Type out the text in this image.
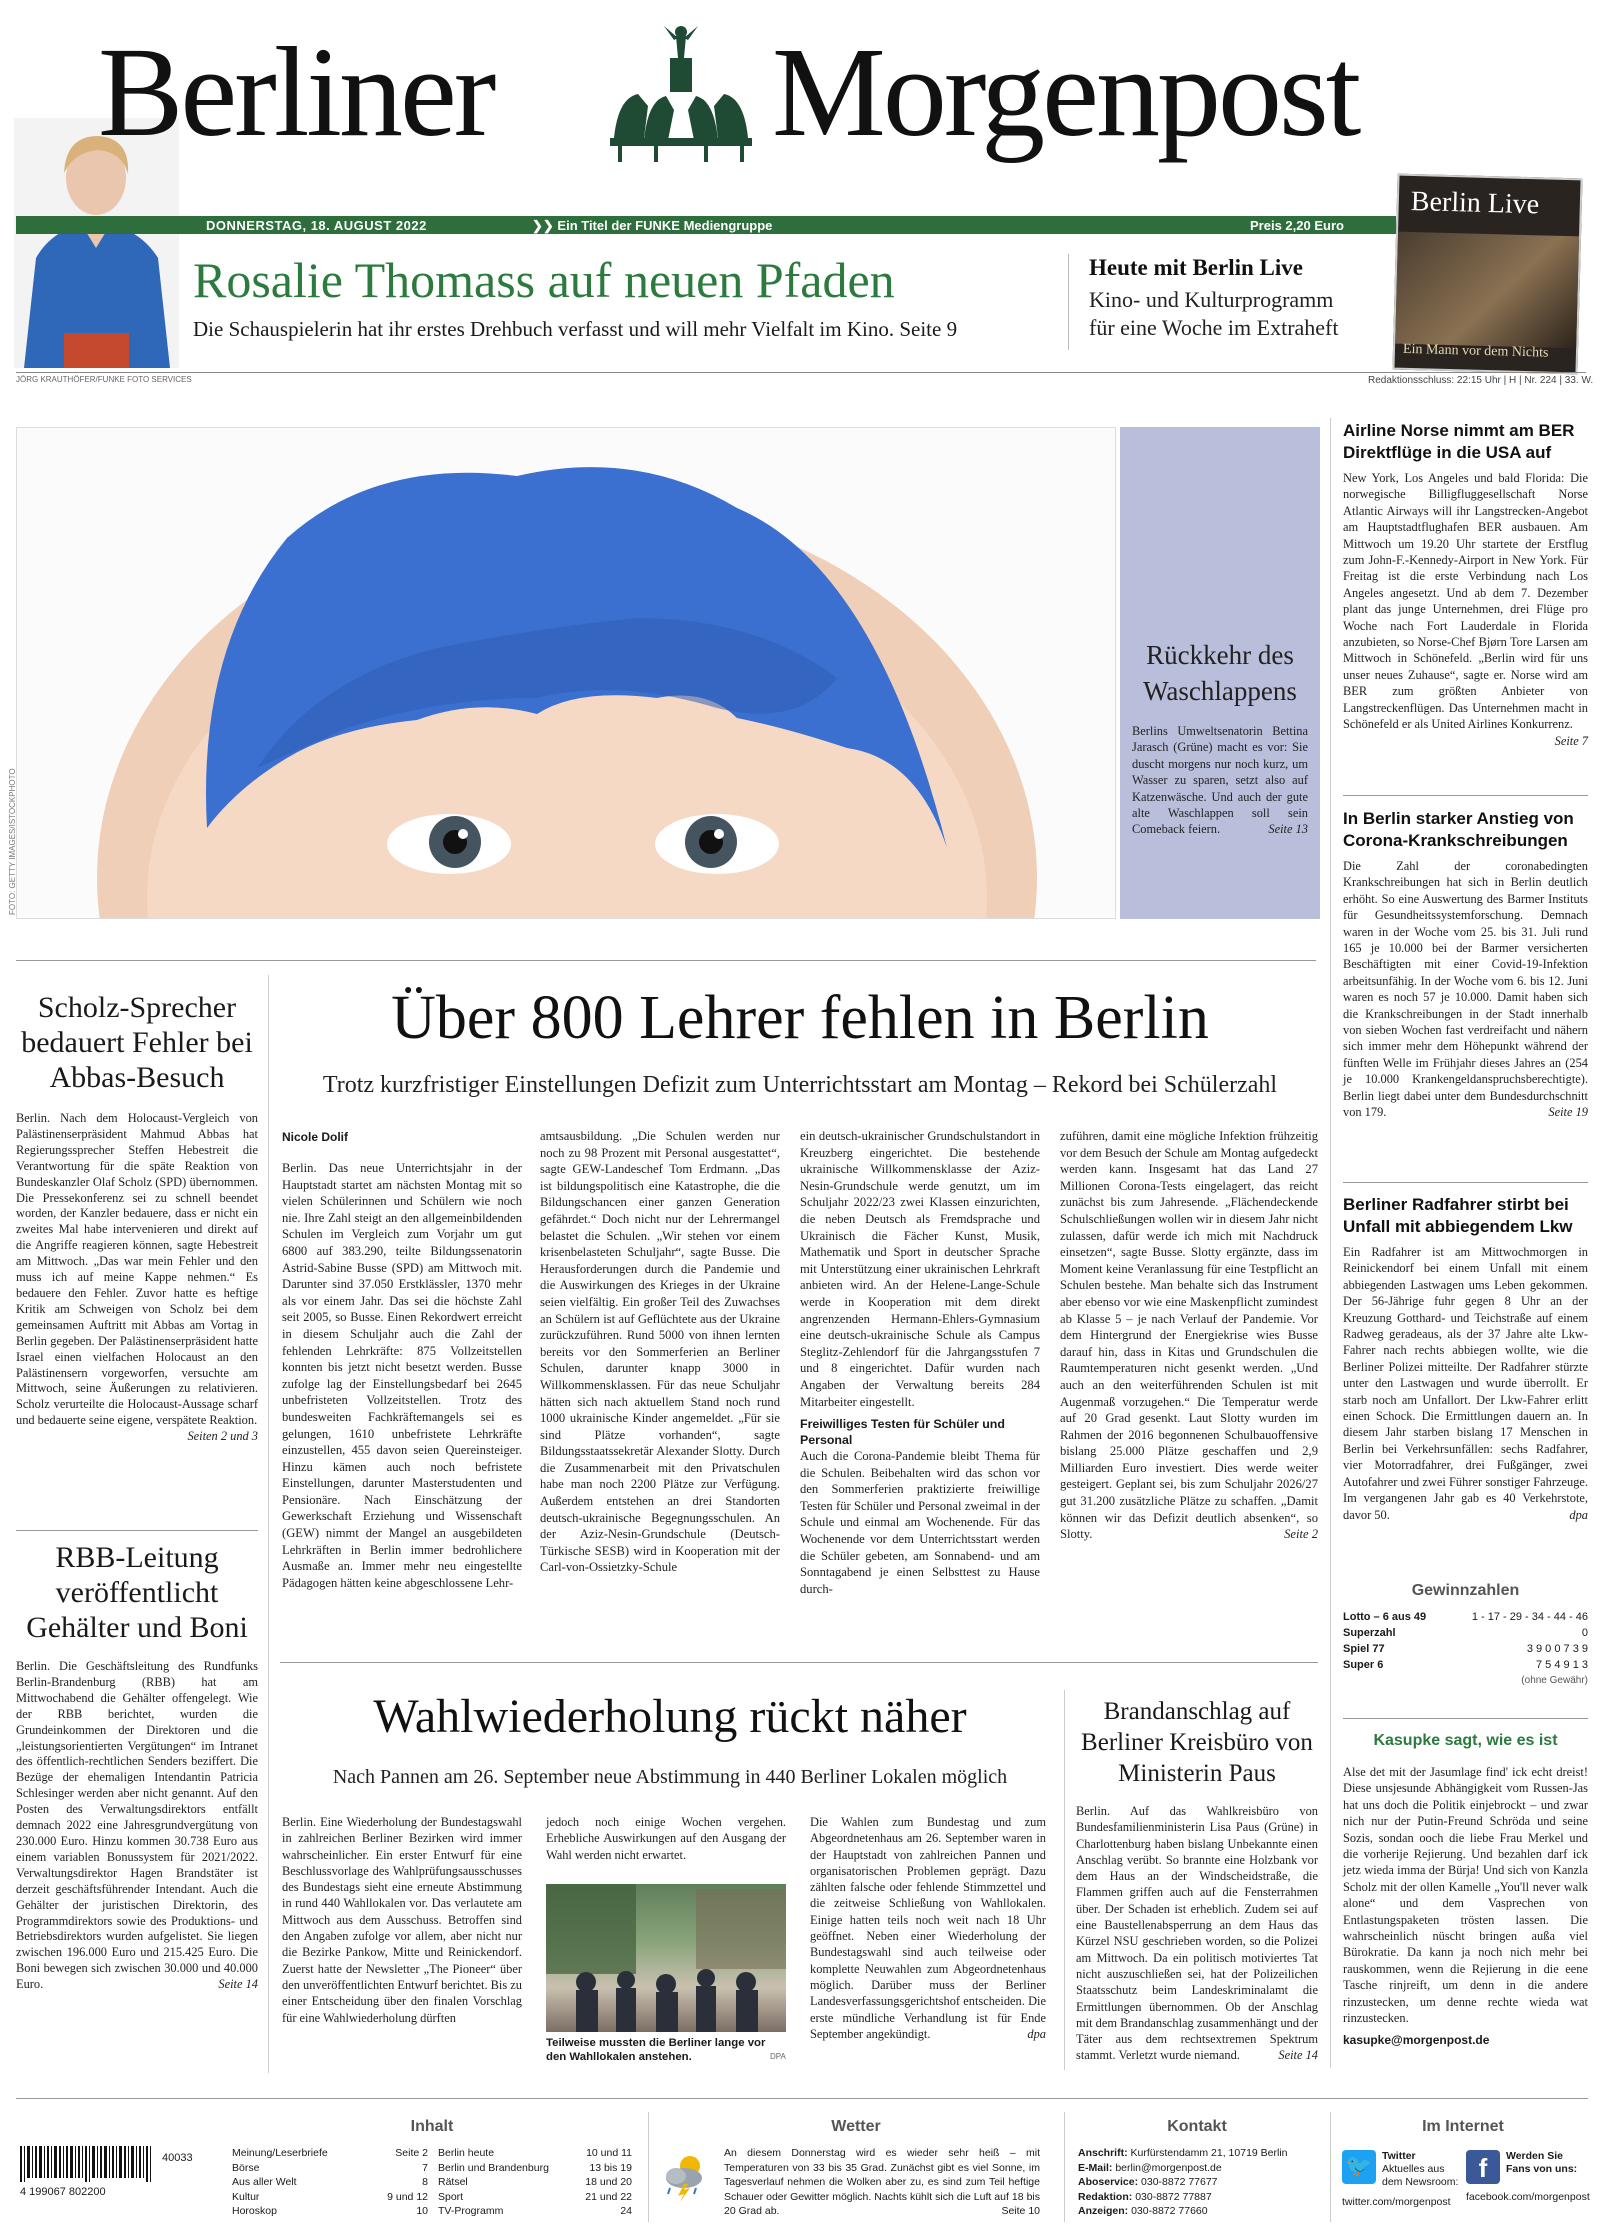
Berliner Morgenpost
DONNERSTAG, 18. AUGUST 2022	❯❯ Ein Titel der FUNKE Mediengruppe	Preis 2,20 Euro
Rosalie Thomass auf neuen Pfaden
Die Schauspielerin hat ihr erstes Drehbuch verfasst und will mehr Vielfalt im Kino. Seite 9
Heute mit Berlin Live
Kino- und Kulturprogramm
für eine Woche im Extraheft
Berlin Live
Ein Mann vor dem Nichts
JÖRG KRAUTHÖFER/FUNKE FOTO SERVICES	Redaktionsschluss: 22:15 Uhr | H | Nr. 224 | 33. W.
FOTO: GETTY IMAGES/ISTOCKPHOTO
Rückkehr des Waschlappens
Berlins Umweltsenatorin Bettina Jarasch (Grüne) macht es vor: Sie duscht morgens nur noch kurz, um Wasser zu sparen, setzt also auf Katzenwäsche. Und auch der gute alte Waschlappen soll sein Comeback feiern.	Seite 13
Airline Norse nimmt am BER Direktflüge in die USA auf
New York, Los Angeles und bald Florida: Die norwegische Billigfluggesellschaft Norse Atlantic Airways will ihr Langstrecken-Angebot am Hauptstadtflughafen BER ausbauen. Am Mittwoch um 19.20 Uhr startete der Erstflug zum John-F.-Kennedy-Airport in New York. Für Freitag ist die erste Verbindung nach Los Angeles angesetzt. Und ab dem 7. Dezember plant das junge Unternehmen, drei Flüge pro Woche nach Fort Lauderdale in Florida anzubieten, so Norse-Chef Bjørn Tore Larsen am Mittwoch in Schönefeld. „Berlin wird für uns unser neues Zuhause“, sagte er. Norse wird am BER zum größten Anbieter von Langstreckenflügen. Das Unternehmen macht in Schönefeld er als United Airlines Konkurrenz.
Seite 7
In Berlin starker Anstieg von Corona-Krankschreibungen
Die Zahl der coronabedingten Krankschreibungen hat sich in Berlin deutlich erhöht. So eine Auswertung des Barmer Instituts für Gesundheitssystemforschung. Demnach waren in der Woche vom 25. bis 31. Juli rund 165 je 10.000 bei der Barmer versicherten Beschäftigten mit einer Covid-19-Infektion arbeitsunfähig. In der Woche vom 6. bis 12. Juni waren es noch 57 je 10.000. Damit haben sich die Krankschreibungen in der Stadt innerhalb von sieben Wochen fast verdreifacht und nähern sich immer mehr dem Höhepunkt während der fünften Welle im Frühjahr dieses Jahres an (254 je 10.000 Krankengeldanspruchsberechtigte). Berlin liegt dabei unter dem Bundesdurchschnitt von 179.	Seite 19
Berliner Radfahrer stirbt bei Unfall mit abbiegendem Lkw
Ein Radfahrer ist am Mittwochmorgen in Reinickendorf bei einem Unfall mit einem abbiegenden Lastwagen ums Leben gekommen. Der 56-Jährige fuhr gegen 8 Uhr an der Kreuzung Gotthard- und Teichstraße auf einem Radweg geradeaus, als der 37 Jahre alte Lkw-Fahrer nach rechts abbiegen wollte, wie die Berliner Polizei mitteilte. Der Radfahrer stürzte unter den Lastwagen und wurde überrollt. Er starb noch am Unfallort. Der Lkw-Fahrer erlitt einen Schock. Die Ermittlungen dauern an. In diesem Jahr starben bislang 17 Menschen in Berlin bei Verkehrsunfällen: sechs Radfahrer, vier Motorradfahrer, drei Fußgänger, zwei Autofahrer und zwei Führer sonstiger Fahrzeuge. Im vergangenen Jahr gab es 40 Verkehrstote, davor 50.	dpa
Gewinnzahlen
Lotto – 6 aus 49	1 - 17 - 29 - 34 - 44 - 46
Superzahl	0
Spiel 77	3 9 0 0 7 3 9
Super 6	7 5 4 9 1 3
(ohne Gewähr)
Kasupke sagt, wie es ist
Alse det mit der Jasumlage find' ick echt dreist! Diese unsjesunde Abhängigkeit vom Russen-Jas hat uns doch die Politik einjebrockt – und zwar nich nur der Putin-Freund Schröda und seine Sozis, sondan ooch die liebe Frau Merkel und die vorherije Rejierung. Und bezahlen darf ick jetz wieda imma der Bürja! Und sich von Kanzla Scholz mit der ollen Kamelle „You'll never walk alone“ und dem Vasprechen von Entlastungspaketen trösten lassen. Die wahrscheinlich nüscht bringen außa viel Bürokratie. Da kann ja noch nich mehr bei rauskommen, wenn die Rejierung in die eene Tasche rinjreift, um denn in die andere rinzustecken, um denne rechte wieda wat rinzustecken.
kasupke@morgenpost.de
Scholz-Sprecher bedauert Fehler bei Abbas-Besuch
Berlin. Nach dem Holocaust-Vergleich von Palästinenserpräsident Mahmud Abbas hat Regierungssprecher Steffen Hebestreit die Verantwortung für die späte Reaktion von Bundeskanzler Olaf Scholz (SPD) übernommen. Die Pressekonferenz sei zu schnell beendet worden, der Kanzler bedauere, dass er nicht ein zweites Mal habe intervenieren und direkt auf die Angriffe reagieren können, sagte Hebestreit am Mittwoch. „Das war mein Fehler und den muss ich auf meine Kappe nehmen.“ Es bedauere den Fehler. Zuvor hatte es heftige Kritik am Schweigen von Scholz bei dem gemeinsamen Auftritt mit Abbas am Vortag in Berlin gegeben. Der Palästinenserpräsident hatte Israel einen vielfachen Holocaust an den Palästinensern vorgeworfen, versuchte am Mittwoch, seine Äußerungen zu relativieren. Scholz verurteilte die Holocaust-Aussage scharf und bedauerte seine eigene, verspätete Reaktion.
Seiten 2 und 3
RBB-Leitung veröffentlicht Gehälter und Boni
Berlin. Die Geschäftsleitung des Rundfunks Berlin-Brandenburg (RBB) hat am Mittwochabend die Gehälter offengelegt. Wie der RBB berichtet, wurden die Grundeinkommen der Direktoren und die „leistungsorientierten Vergütungen“ im Intranet des öffentlich-rechtlichen Senders beziffert. Die Bezüge der ehemaligen Intendantin Patricia Schlesinger werden aber nicht genannt. Auf den Posten des Verwaltungsdirektors entfällt demnach 2022 eine Jahresgrundvergütung von 230.000 Euro. Hinzu kommen 30.738 Euro aus einem variablen Bonussystem für 2021/2022. Verwaltungsdirektor Hagen Brandstäter ist derzeit geschäftsführender Intendant. Auch die Gehälter der juristischen Direktorin, des Programmdirektors sowie des Produktions- und Betriebsdirektors wurden aufgelistet. Sie liegen zwischen 196.000 Euro und 215.425 Euro. Die Boni bewegen sich zwischen 30.000 und 40.000 Euro.	Seite 14
Über 800 Lehrer fehlen in Berlin
Trotz kurzfristiger Einstellungen Defizit zum Unterrichtsstart am Montag – Rekord bei Schülerzahl
Nicole Dolif
Berlin. Das neue Unterrichtsjahr in der Hauptstadt startet am nächsten Montag mit so vielen Schülerinnen und Schülern wie noch nie. Ihre Zahl steigt an den allgemeinbildenden Schulen im Vergleich zum Vorjahr um gut 6800 auf 383.290, teilte Bildungssenatorin Astrid-Sabine Busse (SPD) am Mittwoch mit. Darunter sind 37.050 Erstklässler, 1370 mehr als vor einem Jahr. Das sei die höchste Zahl seit 2005, so Busse. Einen Rekordwert erreicht in diesem Schuljahr auch die Zahl der fehlenden Lehrkräfte: 875 Vollzeitstellen konnten bis jetzt nicht besetzt werden. Busse zufolge lag der Einstellungsbedarf bei 2645 unbefristeten Vollzeitstellen. Trotz des bundesweiten Fachkräftemangels sei es gelungen, 1610 unbefristete Lehrkräfte einzustellen, 455 davon seien Quereinsteiger. Hinzu kämen auch noch befristete Einstellungen, darunter Masterstudenten und Pensionäre. Nach Einschätzung der Gewerkschaft Erziehung und Wissenschaft (GEW) nimmt der Mangel an ausgebildeten Lehrkräften in Berlin immer bedrohlichere Ausmaße an. Immer mehr neu eingestellte Pädagogen hätten keine abgeschlossene Lehr-
amtsausbildung. „Die Schulen werden nur noch zu 98 Prozent mit Personal ausgestattet“, sagte GEW-Landeschef Tom Erdmann. „Das ist bildungspolitisch eine Katastrophe, die die Bildungschancen einer ganzen Generation gefährdet.“ Doch nicht nur der Lehrermangel belastet die Schulen. „Wir stehen vor einem krisenbelasteten Schuljahr“, sagte Busse. Die Herausforderungen durch die Pandemie und die Auswirkungen des Krieges in der Ukraine seien vielfältig. Ein großer Teil des Zuwachses an Schülern ist auf Geflüchtete aus der Ukraine zurückzuführen. Rund 5000 von ihnen lernten bereits vor den Sommerferien an Berliner Schulen, darunter knapp 3000 in Willkommensklassen. Für das neue Schuljahr hätten sich nach aktuellem Stand noch rund 1000 ukrainische Kinder angemeldet. „Für sie sind Plätze vorhanden“, sagte Bildungsstaatssekretär Alexander Slotty. Durch die Zusammenarbeit mit den Privatschulen habe man noch 2200 Plätze zur Verfügung. Außerdem entstehen an drei Standorten deutsch-ukrainische Begegnungsschulen. An der Aziz-Nesin-Grundschule (Deutsch-Türkische SESB) wird in Kooperation mit der Carl-von-Ossietzky-Schule
ein deutsch-ukrainischer Grundschulstandort in Kreuzberg eingerichtet. Die bestehende ukrainische Willkommensklasse der Aziz-Nesin-Grundschule werde genutzt, um im Schuljahr 2022/23 zwei Klassen einzurichten, die neben Deutsch als Fremdsprache und Ukrainisch die Fächer Kunst, Musik, Mathematik und Sport in deutscher Sprache mit Unterstützung einer ukrainischen Lehrkraft anbieten wird. An der Helene-Lange-Schule werde in Kooperation mit dem direkt angrenzenden Hermann-Ehlers-Gymnasium eine deutsch-ukrainische Schule als Campus Steglitz-Zehlendorf für die Jahrgangsstufen 7 und 8 eingerichtet. Dafür wurden nach Angaben der Verwaltung bereits 284 Mitarbeiter eingestellt.
Freiwilliges Testen für Schüler und Personal
Auch die Corona-Pandemie bleibt Thema für die Schulen. Beibehalten wird das schon vor den Sommerferien praktizierte freiwillige Testen für Schüler und Personal zweimal in der Schule und einmal am Wochenende. Für das Wochenende vor dem Unterrichtsstart werden die Schüler gebeten, am Sonnabend- und am Sonntagabend je einen Selbsttest zu Hause durch-
zuführen, damit eine mögliche Infektion frühzeitig vor dem Besuch der Schule am Montag aufgedeckt werden kann. Insgesamt hat das Land 27 Millionen Corona-Tests eingelagert, das reicht zunächst bis zum Jahresende. „Flächendeckende Schulschließungen wollen wir in diesem Jahr nicht zulassen, dafür werde ich mich mit Nachdruck einsetzen“, sagte Busse. Slotty ergänzte, dass im Moment keine Veranlassung für eine Testpflicht an Schulen bestehe. Man behalte sich das Instrument aber ebenso vor wie eine Maskenpflicht zumindest ab Klasse 5 – je nach Verlauf der Pandemie. Vor dem Hintergrund der Energiekrise wies Busse darauf hin, dass in Kitas und Grundschulen die Raumtemperaturen nicht gesenkt werden. „Und auch an den weiterführenden Schulen ist mit Augenmaß vorzugehen.“ Die Temperatur werde auf 20 Grad gesenkt. Laut Slotty wurden im Rahmen der 2016 begonnenen Schulbauoffensive bislang 25.000 Plätze geschaffen und 2,9 Milliarden Euro investiert. Dies werde weiter gesteigert. Geplant sei, bis zum Schuljahr 2026/27 gut 31.200 zusätzliche Plätze zu schaffen. „Damit können wir das Defizit deutlich absenken“, so Slotty.	Seite 2
Wahlwiederholung rückt näher
Nach Pannen am 26. September neue Abstimmung in 440 Berliner Lokalen möglich
Berlin. Eine Wiederholung der Bundestagswahl in zahlreichen Berliner Bezirken wird immer wahrscheinlicher. Ein erster Entwurf für eine Beschlussvorlage des Wahlprüfungsausschusses des Bundestags sieht eine erneute Abstimmung in rund 440 Wahllokalen vor. Das verlautete am Mittwoch aus dem Ausschuss. Betroffen sind den Angaben zufolge vor allem, aber nicht nur die Bezirke Pankow, Mitte und Reinickendorf. Zuerst hatte der Newsletter „The Pioneer“ über den unveröffentlichten Entwurf berichtet. Bis zu einer Entscheidung über den finalen Vorschlag für eine Wahlwiederholung dürften
jedoch noch einige Wochen vergehen. Erhebliche Auswirkungen auf den Ausgang der Wahl werden nicht erwartet.
Teilweise mussten die Berliner lange vor den Wahllokalen anstehen.	DPA
Die Wahlen zum Bundestag und zum Abgeordnetenhaus am 26. September waren in der Hauptstadt von zahlreichen Pannen und organisatorischen Problemen geprägt. Dazu zählten falsche oder fehlende Stimmzettel und die zeitweise Schließung von Wahllokalen. Einige hatten teils noch weit nach 18 Uhr geöffnet. Neben einer Wiederholung der Bundestagswahl sind auch teilweise oder komplette Neuwahlen zum Abgeordnetenhaus möglich. Darüber muss der Berliner Landesverfassungsgerichtshof entscheiden. Die erste mündliche Verhandlung ist für Ende September angekündigt.	dpa
Brandanschlag auf Berliner Kreisbüro von Ministerin Paus
Berlin. Auf das Wahlkreisbüro von Bundesfamilienministerin Lisa Paus (Grüne) in Charlottenburg haben bislang Unbekannte einen Anschlag verübt. So brannte eine Holzbank vor dem Haus an der Windscheidstraße, die Flammen griffen auch auf die Fensterrahmen über. Der Schaden ist erheblich. Zudem sei auf eine Baustellenabsperrung an dem Haus das Kürzel NSU geschrieben worden, so die Polizei am Mittwoch. Da ein politisch motiviertes Tat nicht auszuschließen sei, hat der Polizeilichen Staatsschutz beim Landeskriminalamt die Ermittlungen übernommen. Ob der Anschlag mit dem Brandanschlag zusammenhängt und der Täter aus dem rechtsextremen Spektrum stammt. Verletzt wurde niemand.	Seite 14
4 199067 802200
40033
Inhalt
Meinung/Leserbriefe	Seite 2
Börse	7
Aus aller Welt	8
Kultur	9 und 12
Horoskop	10
Berlin heute	10 und 11
Berlin und Brandenburg	13 bis 19
Rätsel	18 und 20
Sport	21 und 22
TV-Programm	24
Wetter
An diesem Donnerstag wird es wieder sehr heiß – mit Temperaturen von 33 bis 35 Grad. Zunächst gibt es viel Sonne, im Tagesverlauf nehmen die Wolken aber zu, es sind zum Teil heftige Schauer oder Gewitter möglich. Nachts kühlt sich die Luft auf 18 bis 20 Grad ab.	Seite 10
Kontakt
Anschrift: Kurfürstendamm 21, 10719 Berlin
E-Mail: berlin@morgenpost.de
Aboservice: 030-8872 77677
Redaktion: 030-8872 77887
Anzeigen: 030-8872 77660
Im Internet
🐦 Twitter
Aktuelles aus dem Newsroom:
twitter.com/morgenpost
f	Werden Sie Fans von uns:
facebook.com/morgenpost
